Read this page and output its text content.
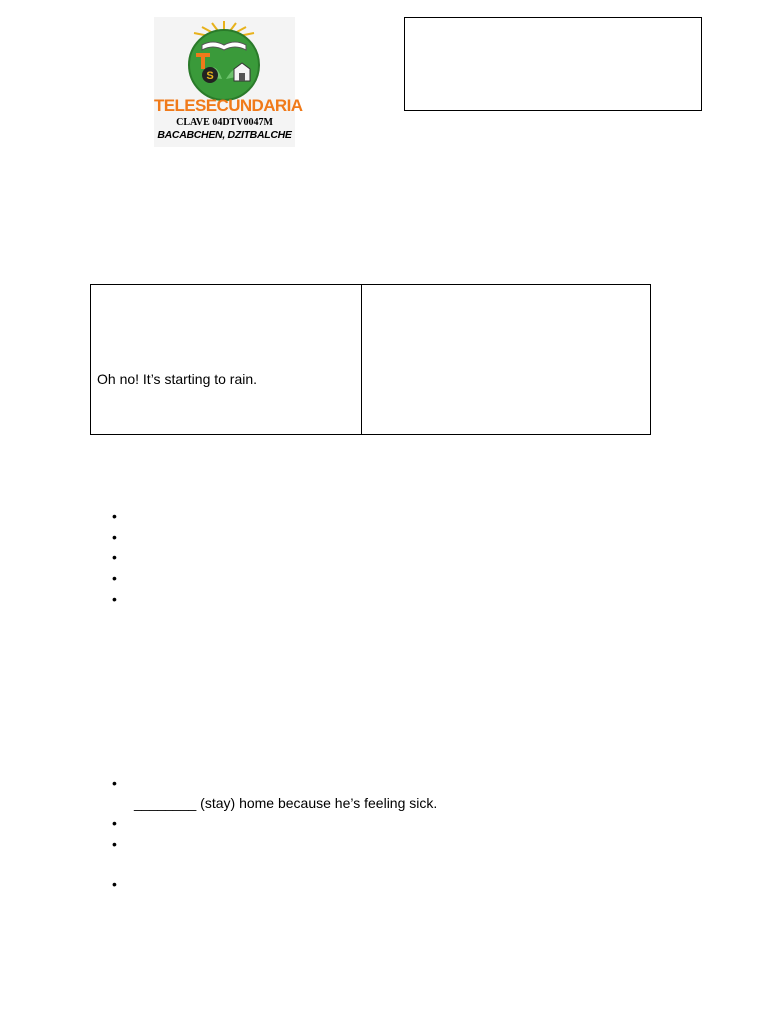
S
TELESECUNDARIA
CLAVE 04DTV0047M
BACABCHEN, DZITBALCHE
Oh no! It’s starting to rain.

•
•
•
•
•
•
________ (stay) home because he’s feeling sick.
•
•
•
